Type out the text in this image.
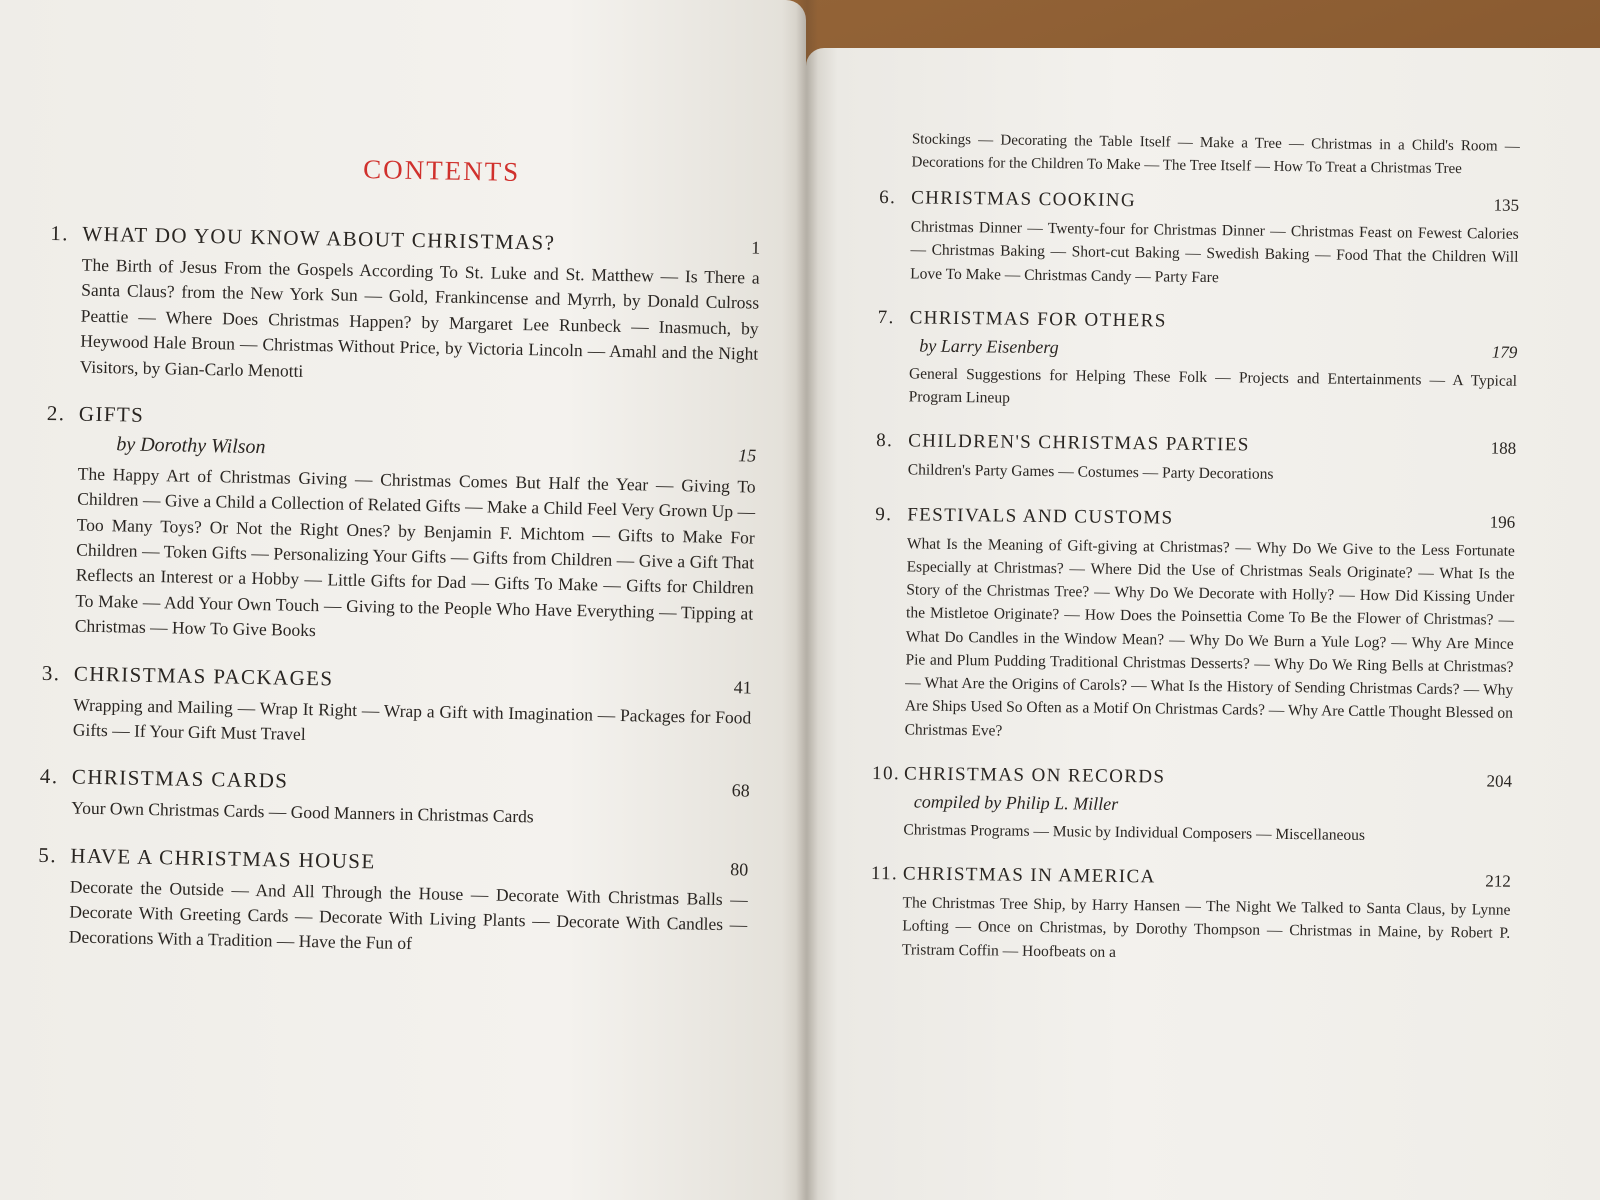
CONTENTS
1. WHAT DO YOU KNOW ABOUT CHRISTMAS?	1
The Birth of Jesus From the Gospels According To St. Luke and St. Matthew — Is There a Santa Claus? from the New York Sun — Gold, Frankincense and Myrrh, by Donald Culross Peattie — Where Does Christmas Happen? by Margaret Lee Runbeck — Inasmuch, by Heywood Hale Broun — Christmas Without Price, by Victoria Lincoln — Amahl and the Night Visitors, by Gian-Carlo Menotti
2. GIFTS
by Dorothy Wilson	15
The Happy Art of Christmas Giving — Christmas Comes But Half the Year — Giving To Children — Give a Child a Collection of Related Gifts — Make a Child Feel Very Grown Up — Too Many Toys? Or Not the Right Ones? by Benjamin F. Michtom — Gifts to Make For Children — Token Gifts — Personalizing Your Gifts — Gifts from Children — Give a Gift That Reflects an Interest or a Hobby — Little Gifts for Dad — Gifts To Make — Gifts for Children To Make — Add Your Own Touch — Giving to the People Who Have Everything — Tipping at Christmas — How To Give Books
3. CHRISTMAS PACKAGES	41
Wrapping and Mailing — Wrap It Right — Wrap a Gift with Imagination — Packages for Food Gifts — If Your Gift Must Travel
4. CHRISTMAS CARDS	68
Your Own Christmas Cards — Good Manners in Christmas Cards
5. HAVE A CHRISTMAS HOUSE	80
Decorate the Outside — And All Through the House — Decorate With Christmas Balls — Decorate With Greeting Cards — Decorate With Living Plants — Decorate With Candles — Decorations With a Tradition — Have the Fun of
Stockings — Decorating the Table Itself — Make a Tree — Christmas in a Child's Room — Decorations for the Children To Make — The Tree Itself — How To Treat a Christmas Tree
6. CHRISTMAS COOKING	135
Christmas Dinner — Twenty-four for Christmas Dinner — Christmas Feast on Fewest Calories — Christmas Baking — Short-cut Baking — Swedish Baking — Food That the Children Will Love To Make — Christmas Candy — Party Fare
7. CHRISTMAS FOR OTHERS
by Larry Eisenberg	179
General Suggestions for Helping These Folk — Projects and Entertainments — A Typical Program Lineup
8. CHILDREN'S CHRISTMAS PARTIES	188
Children's Party Games — Costumes — Party Decorations
9. FESTIVALS AND CUSTOMS	196
What Is the Meaning of Gift-giving at Christmas? — Why Do We Give to the Less Fortunate Especially at Christmas? — Where Did the Use of Christmas Seals Originate? — What Is the Story of the Christmas Tree? — Why Do We Decorate with Holly? — How Did Kissing Under the Mistletoe Originate? — How Does the Poinsettia Come To Be the Flower of Christmas? — What Do Candles in the Window Mean? — Why Do We Burn a Yule Log? — Why Are Mince Pie and Plum Pudding Traditional Christmas Desserts? — Why Do We Ring Bells at Christmas? — What Are the Origins of Carols? — What Is the History of Sending Christmas Cards? — Why Are Ships Used So Often as a Motif On Christmas Cards? — Why Are Cattle Thought Blessed on Christmas Eve?
10. CHRISTMAS ON RECORDS	204
compiled by Philip L. Miller
Christmas Programs — Music by Individual Composers — Miscellaneous
11. CHRISTMAS IN AMERICA	212
The Christmas Tree Ship, by Harry Hansen — The Night We Talked to Santa Claus, by Lynne Lofting — Once on Christmas, by Dorothy Thompson — Christmas in Maine, by Robert P. Tristram Coffin — Hoofbeats on a
